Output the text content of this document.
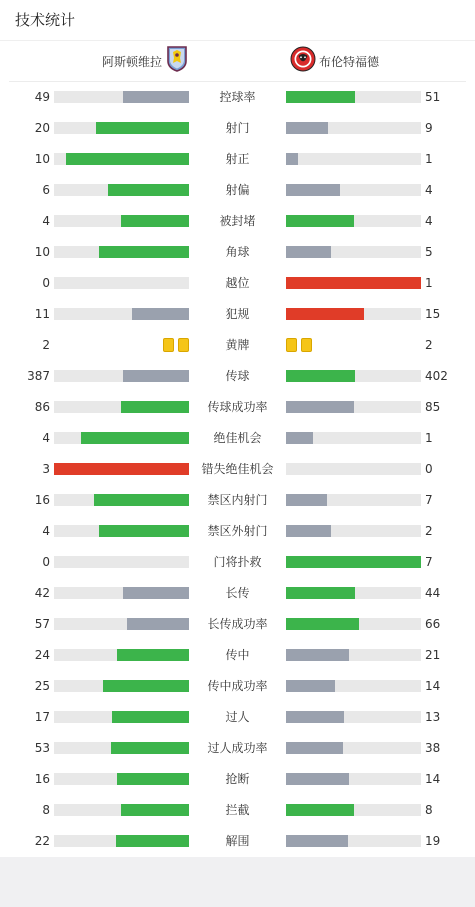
技术统计
阿斯顿维拉	布伦特福德
49	控球率	51
20	射门	9
10	射正	1
6	射偏	4
4	被封堵	4
10	角球	5
0	越位	1
11	犯规	15
2	黄牌	2
387	传球	402
86	传球成功率	85
4	绝佳机会	1
3	错失绝佳机会	0
16	禁区内射门	7
4	禁区外射门	2
0	门将扑救	7
42	长传	44
57	长传成功率	66
24	传中	21
25	传中成功率	14
17	过人	13
53	过人成功率	38
16	抢断	14
8	拦截	8
22	解围	19
